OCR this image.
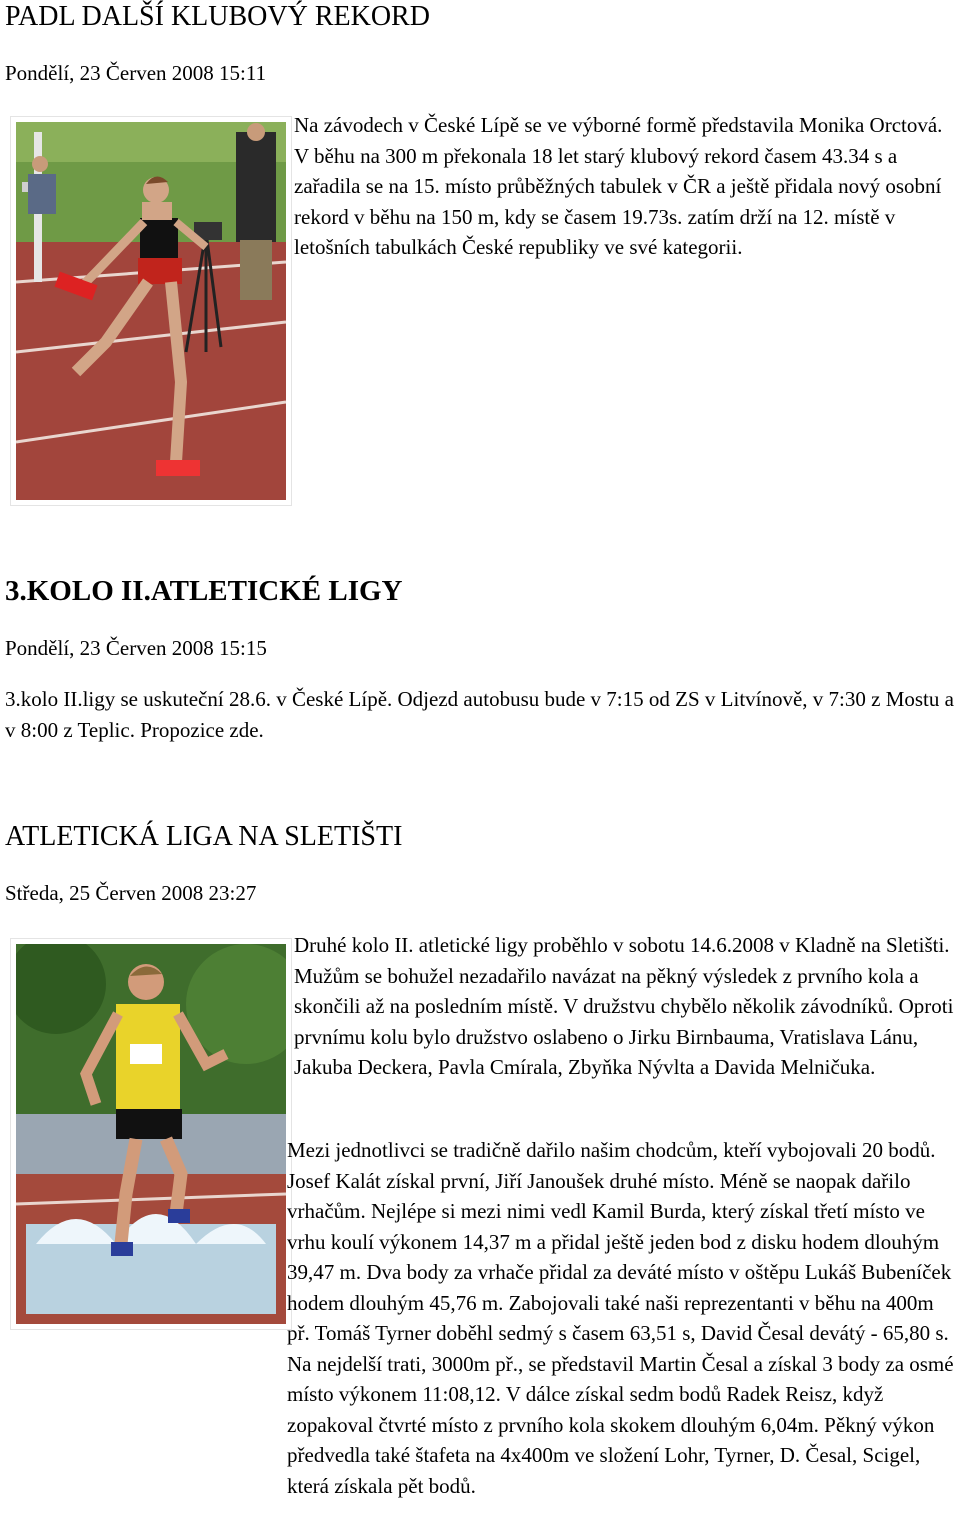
PADL DALŠÍ KLUBOVÝ REKORD
Pondělí, 23 Červen 2008 15:11
Na závodech v České Lípě se ve výborné formě představila Monika Orctová. V běhu na 300 m překonala 18 let starý klubový rekord časem 43.34 s a zařadila se na 15. místo průběžných tabulek v ČR a ještě přidala nový osobní rekord v běhu na 150 m, kdy se časem 19.73s. zatím drží na 12. místě v letošních tabulkách České republiky ve své kategorii.
3.KOLO II.ATLETICKÉ LIGY
Pondělí, 23 Červen 2008 15:15
3.kolo II.ligy se uskuteční 28.6. v České Lípě. Odjezd autobusu bude v 7:15 od ZS v Litvínově, v 7:30 z Mostu a v 8:00 z Teplic. Propozice zde.
ATLETICKÁ LIGA NA SLETIŠTI
Středa, 25 Červen 2008 23:27
Druhé kolo II. atletické ligy proběhlo v sobotu 14.6.2008 v Kladně na Sletišti. Mužům se bohužel nezadařilo navázat na pěkný výsledek z prvního kola a skončili až na posledním místě. V družstvu chybělo několik závodníků. Oproti prvnímu kolu bylo družstvo oslabeno o Jirku Birnbauma, Vratislava Lánu, Jakuba Deckera, Pavla Cmírala, Zbyňka Nývlta a Davida Melničuka.
Mezi jednotlivci se tradičně dařilo našim chodcům, kteří vybojovali 20 bodů. Josef Kalát získal první, Jiří Janoušek druhé místo. Méně se naopak dařilo vrhačům. Nejlépe si mezi nimi vedl Kamil Burda, který získal třetí místo ve vrhu koulí výkonem 14,37 m a přidal ještě jeden bod z disku hodem dlouhým 39,47 m. Dva body za vrhače přidal za deváté místo v oštěpu Lukáš Bubeníček hodem dlouhým 45,76 m. Zabojovali také naši reprezentanti v běhu na 400m př. Tomáš Tyrner doběhl sedmý s časem 63,51 s, David Česal devátý - 65,80 s. Na nejdelší trati, 3000m př., se představil Martin Česal a získal 3 body za osmé místo výkonem 11:08,12. V dálce získal sedm bodů Radek Reisz, když zopakoval čtvrté místo z prvního kola skokem dlouhým 6,04m. Pěkný výkon předvedla také štafeta na 4x400m ve složení Lohr, Tyrner, D. Česal, Scigel, která získala pět bodů.
